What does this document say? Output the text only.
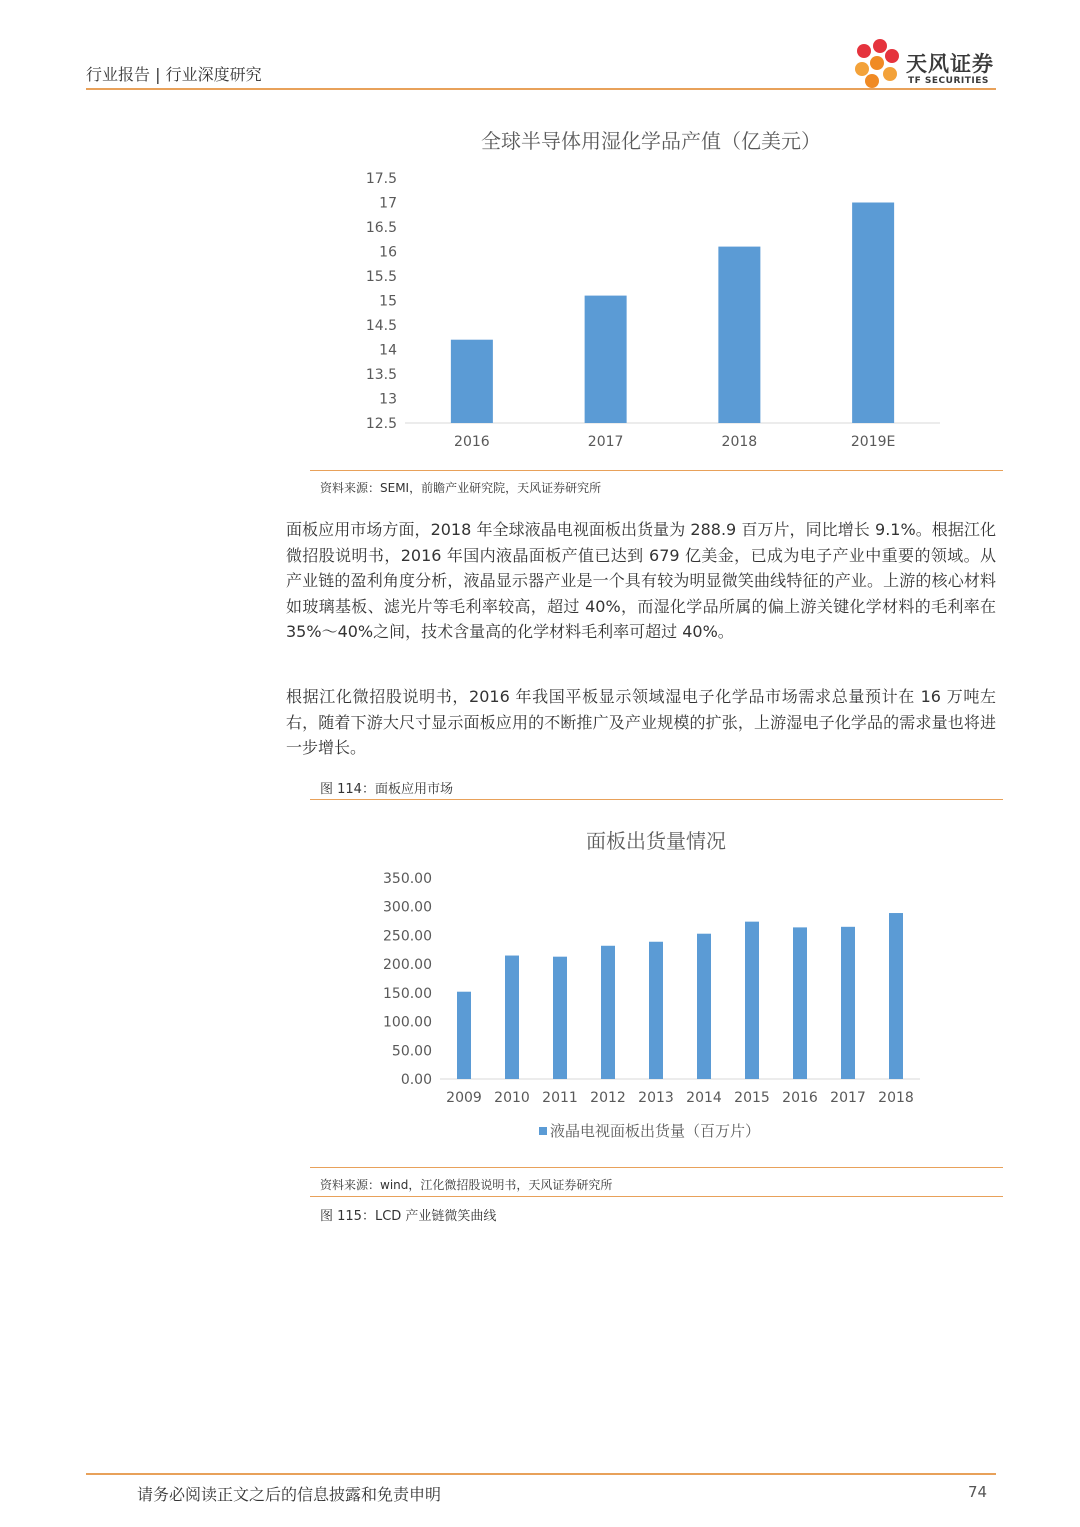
行业报告 | 行业深度研究	天风证券
TF SECURITIES
全球半导体用湿化学品产值（亿美元）
12.5
13
13.5
14
14.5
15
15.5
16
16.5
17
17.5
2016	2017	2018	2019E
资料来源：SEMI，前瞻产业研究院，天风证券研究所
面板应用市场方面，2018 年全球液晶电视面板出货量为 288.9 百万片，同比增长 9.1%。根据江化微招股说明书，2016 年国内液晶面板产值已达到 679 亿美金，已成为电子产业中重要的领域。从产业链的盈利角度分析，液晶显示器产业是一个具有较为明显微笑曲线特征的产业。上游的核心材料如玻璃基板、滤光片等毛利率较高，超过 40%，而湿化学品所属的偏上游关键化学材料的毛利率在 35%～40%之间，技术含量高的化学材料毛利率可超过 40%。
根据江化微招股说明书，2016 年我国平板显示领域湿电子化学品市场需求总量预计在 16 万吨左右，随着下游大尺寸显示面板应用的不断推广及产业规模的扩张，上游湿电子化学品的需求量也将进一步增长。
图 114：面板应用市场
面板出货量情况
0.00
50.00
100.00
150.00
200.00
250.00
300.00
350.00
2009 2010 2011 2012 2013 2014 2015 2016 2017 2018
液晶电视面板出货量（百万片）
资料来源：wind，江化微招股说明书，天风证券研究所
图 115：LCD 产业链微笑曲线
请务必阅读正文之后的信息披露和免责申明	74
